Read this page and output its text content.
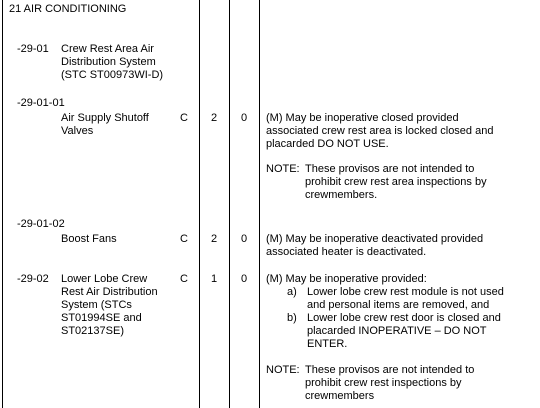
21 AIR CONDITIONING
-29-01 Crew Rest Area Air
Distribution System
(STC ST00973WI-D)
-29-01-01
Air Supply Shutoff
Valves
C 2 0 (M) May be inoperative closed provided
associated crew rest area is locked closed and
placarded DO NOT USE.
NOTE: These provisos are not intended to
prohibit crew rest area inspections by
crewmembers.
-29-01-02
Boost Fans	C 2 0 (M) May be inoperative deactivated provided
associated heater is deactivated.
-29-02 Lower Lobe Crew
Rest Air Distribution
System (STCs
ST01994SE and
ST02137SE)
C 1 0 (M) May be inoperative provided:
a) Lower lobe crew rest module is not used
and personal items are removed, and
b) Lower lobe crew rest door is closed and
placarded INOPERATIVE – DO NOT
ENTER.
NOTE: These provisos are not intended to
prohibit crew rest inspections by
crewmembers
